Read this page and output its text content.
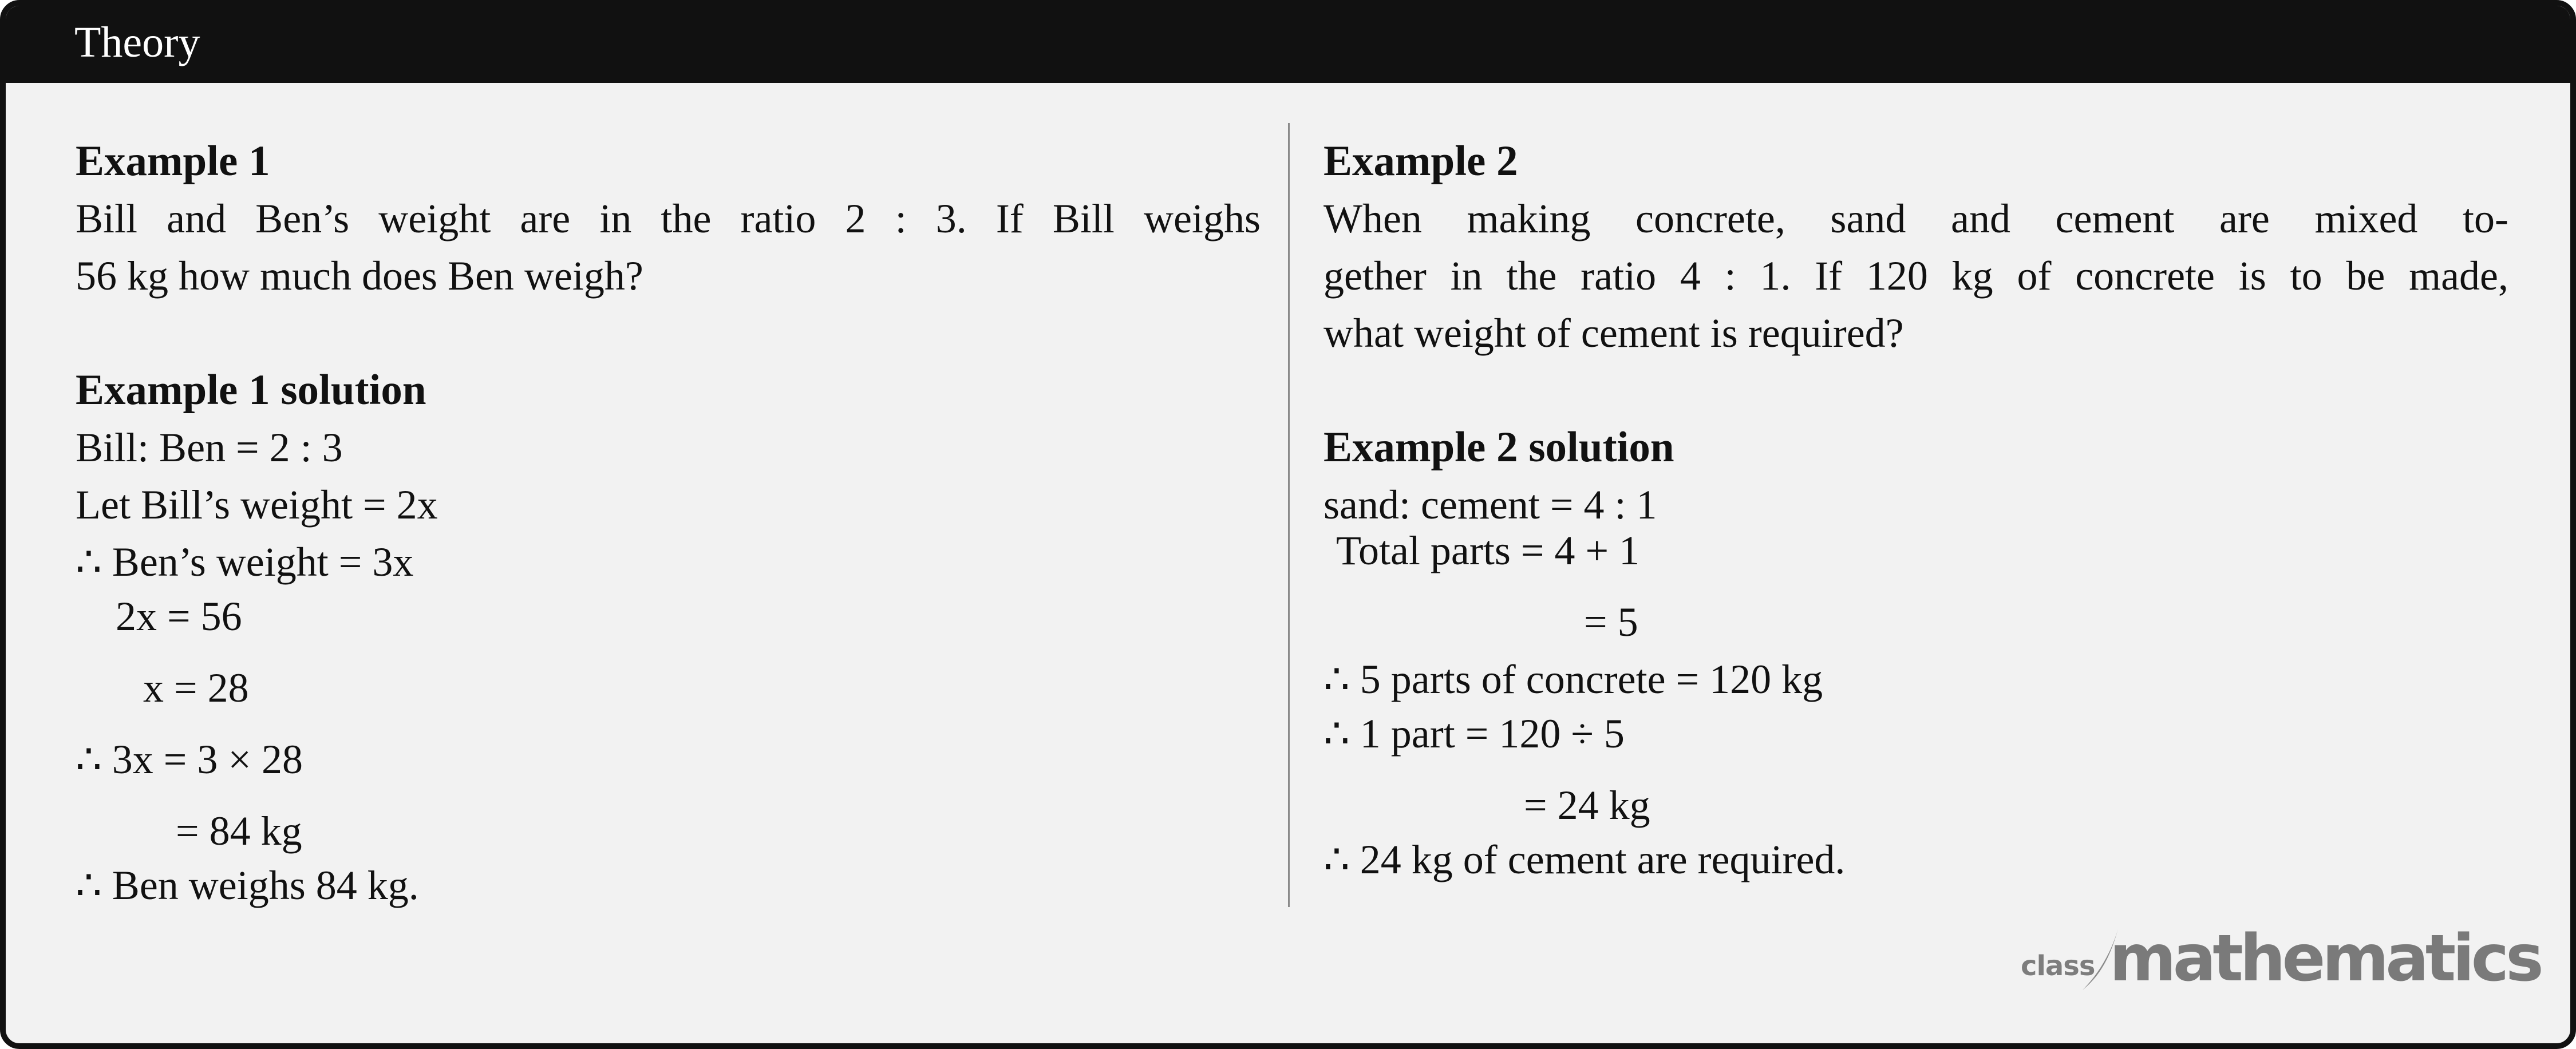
Theory
Example 1
Bill and Ben’s weight are in the ratio 2 : 3. If Bill weighs
56 kg how much does Ben weigh?
Example 1 solution
Bill: Ben = 2 : 3
Let Bill’s weight = 2x
∴ Ben’s weight = 3x
2x = 56
x = 28
∴ 3x = 3 × 28
= 84 kg
∴ Ben weighs 84 kg.
Example 2
When making concrete, sand and cement are mixed to-
gether in the ratio 4 : 1. If 120 kg of concrete is to be made,
what weight of cement is required?
Example 2 solution
sand: cement = 4 : 1
Total parts = 4 + 1
= 5
∴ 5 parts of concrete = 120 kg
∴ 1 part = 120 ÷ 5
= 24 kg
∴ 24 kg of cement are required.
class mathematics
